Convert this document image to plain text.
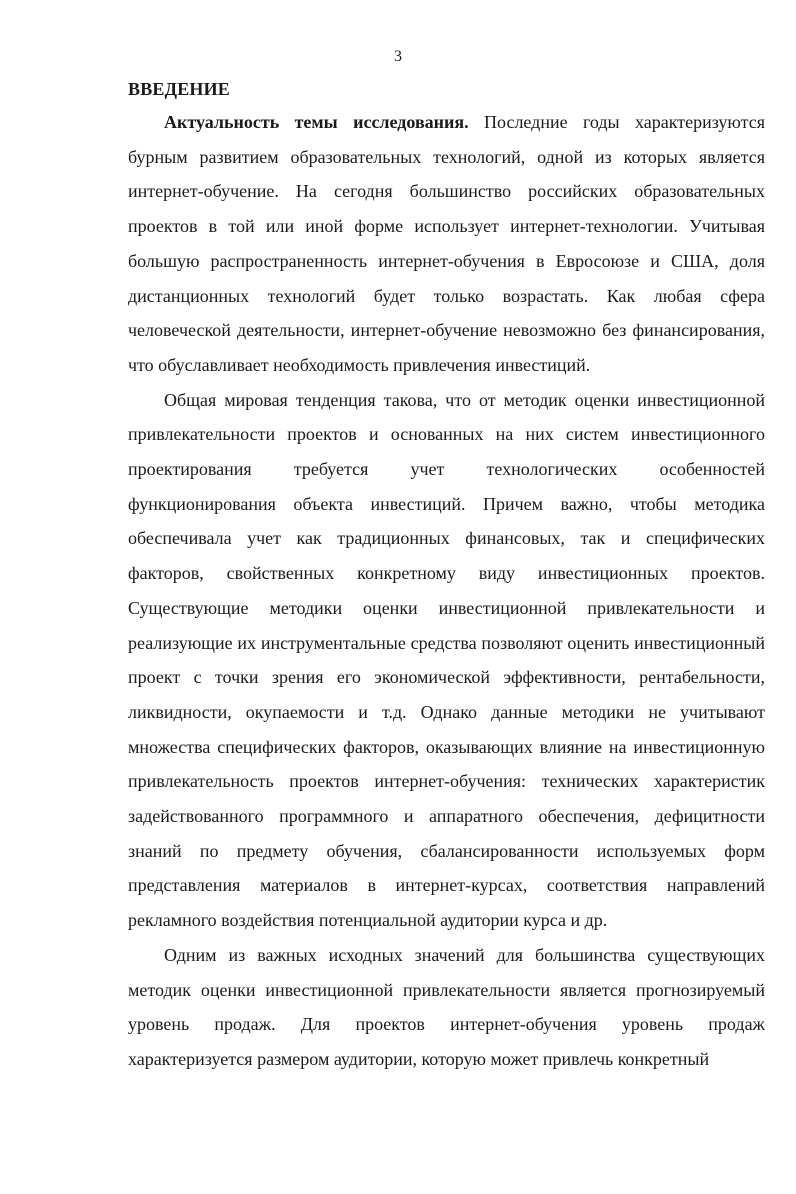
3
ВВЕДЕНИЕ

Актуальность темы исследования. Последние годы характеризуются бурным развитием образовательных технологий, одной из которых является интернет-обучение. На сегодня большинство российских образовательных проектов в той или иной форме использует интернет-технологии. Учитывая большую распространенность интернет-обучения в Евросоюзе и США, доля дистанционных технологий будет только возрастать. Как любая сфера человеческой деятельности, интернет-обучение невозможно без финансирования, что обуславливает необходимость привлечения инвестиций.

Общая мировая тенденция такова, что от методик оценки инвестиционной привлекательности проектов и основанных на них систем инвестиционного проектирования требуется учет технологических особенностей функционирования объекта инвестиций. Причем важно, чтобы методика обеспечивала учет как традиционных финансовых, так и специфических факторов, свойственных конкретному виду инвестиционных проектов. Существующие методики оценки инвестиционной привлекательности и реализующие их инструментальные средства позволяют оценить инвестиционный проект с точки зрения его экономической эффективности, рентабельности, ликвидности, окупаемости и т.д. Однако данные методики не учитывают множества специфических факторов, оказывающих влияние на инвестиционную привлекательность проектов интернет-обучения: технических характеристик задействованного программного и аппаратного обеспечения, дефицитности знаний по предмету обучения, сбалансированности используемых форм представления материалов в интернет-курсах, соответствия направлений рекламного воздействия потенциальной аудитории курса и др.

Одним из важных исходных значений для большинства существующих методик оценки инвестиционной привлекательности является прогнозируемый уровень продаж. Для проектов интернет-обучения уровень продаж характеризуется размером аудитории, которую может привлечь конкретный
